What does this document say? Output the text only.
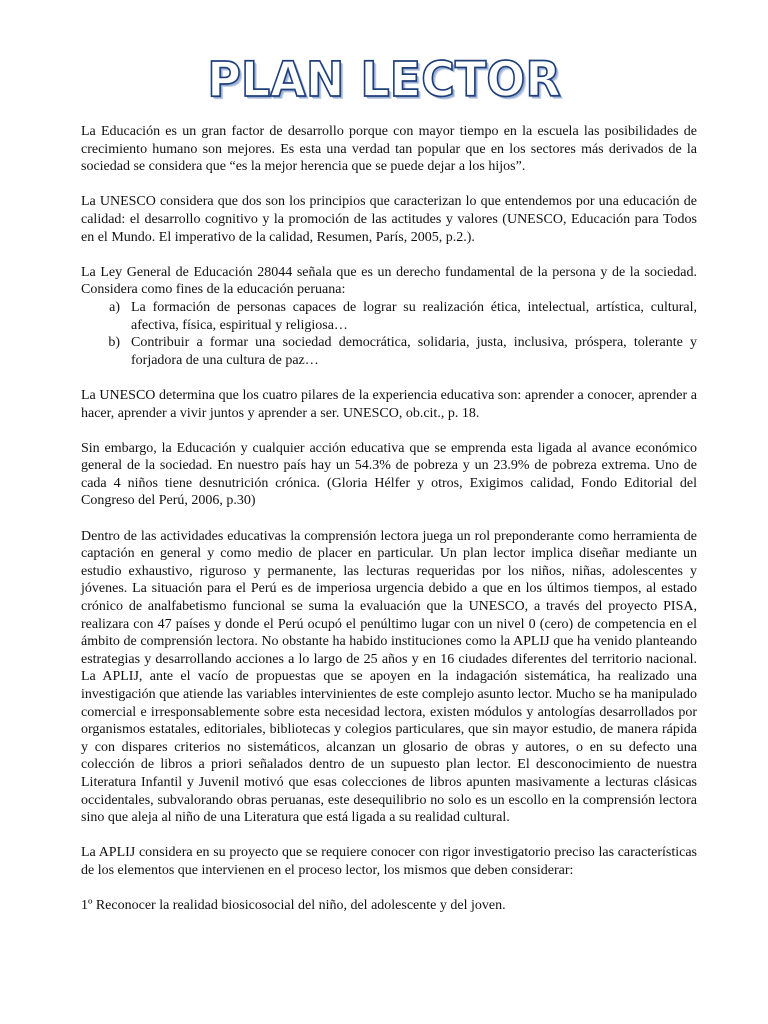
PLAN LECTOR

La Educación es un gran factor de desarrollo porque con mayor tiempo en la escuela las posibilidades de crecimiento humano son mejores. Es esta una verdad tan popular que en los sectores más derivados de la sociedad se considera que “es la mejor herencia que se puede dejar a los hijos”.

La UNESCO considera que dos son los principios que caracterizan lo que entendemos por una educación de calidad: el desarrollo cognitivo y la promoción de las actitudes y valores (UNESCO, Educación para Todos en el Mundo. El imperativo de la calidad, Resumen, París, 2005, p.2.).

La Ley General de Educación 28044 señala que es un derecho fundamental de la persona y de la sociedad. Considera como fines de la educación peruana:

a. La formación de personas capaces de lograr su realización ética, intelectual, artística, cultural, afectiva, física, espiritual y religiosa…
b. Contribuir a formar una sociedad democrática, solidaria, justa, inclusiva, próspera, tolerante y forjadora de una cultura de paz…

La UNESCO determina que los cuatro pilares de la experiencia educativa son: aprender a conocer, aprender a hacer, aprender a vivir juntos y aprender a ser. UNESCO, ob.cit., p. 18.

Sin embargo, la Educación y cualquier acción educativa que se emprenda esta ligada al avance económico general de la sociedad. En nuestro país hay un 54.3% de pobreza y un 23.9% de pobreza extrema. Uno de cada 4 niños tiene desnutrición crónica. (Gloria Hélfer y otros, Exigimos calidad, Fondo Editorial del Congreso del Perú, 2006, p.30)

Dentro de las actividades educativas la comprensión lectora juega un rol preponderante como herramienta de captación en general y como medio de placer en particular. Un plan lector implica diseñar mediante un estudio exhaustivo, riguroso y permanente, las lecturas requeridas por los niños, niñas, adolescentes y jóvenes. La situación para el Perú es de imperiosa urgencia debido a que en los últimos tiempos, al estado crónico de analfabetismo funcional se suma la evaluación que la UNESCO, a través del proyecto PISA, realizara con 47 países y donde el Perú ocupó el penúltimo lugar con un nivel 0 (cero) de competencia en el ámbito de comprensión lectora. No obstante ha habido instituciones como la APLIJ que ha venido planteando estrategias y desarrollando acciones a lo largo de 25 años y en 16 ciudades diferentes del territorio nacional. La APLIJ, ante el vacío de propuestas que se apoyen en la indagación sistemática, ha realizado una investigación que atiende las variables intervinientes de este complejo asunto lector. Mucho se ha manipulado comercial e irresponsablemente sobre esta necesidad lectora, existen módulos y antologías desarrollados por organismos estatales, editoriales, bibliotecas y colegios particulares, que sin mayor estudio, de manera rápida y con dispares criterios no sistemáticos, alcanzan un glosario de obras y autores, o en su defecto una colección de libros a priori señalados dentro de un supuesto plan lector. El desconocimiento de nuestra Literatura Infantil y Juvenil motivó que esas colecciones de libros apunten masivamente a lecturas clásicas occidentales, subvalorando obras peruanas, este desequilibrio no solo es un escollo en la comprensión lectora sino que aleja al niño de una Literatura que está ligada a su realidad cultural.

La APLIJ considera en su proyecto que se requiere conocer con rigor investigatorio preciso las características de los elementos que intervienen en el proceso lector, los mismos que deben considerar:

1º Reconocer la realidad biosicosocial del niño, del adolescente y del joven.
